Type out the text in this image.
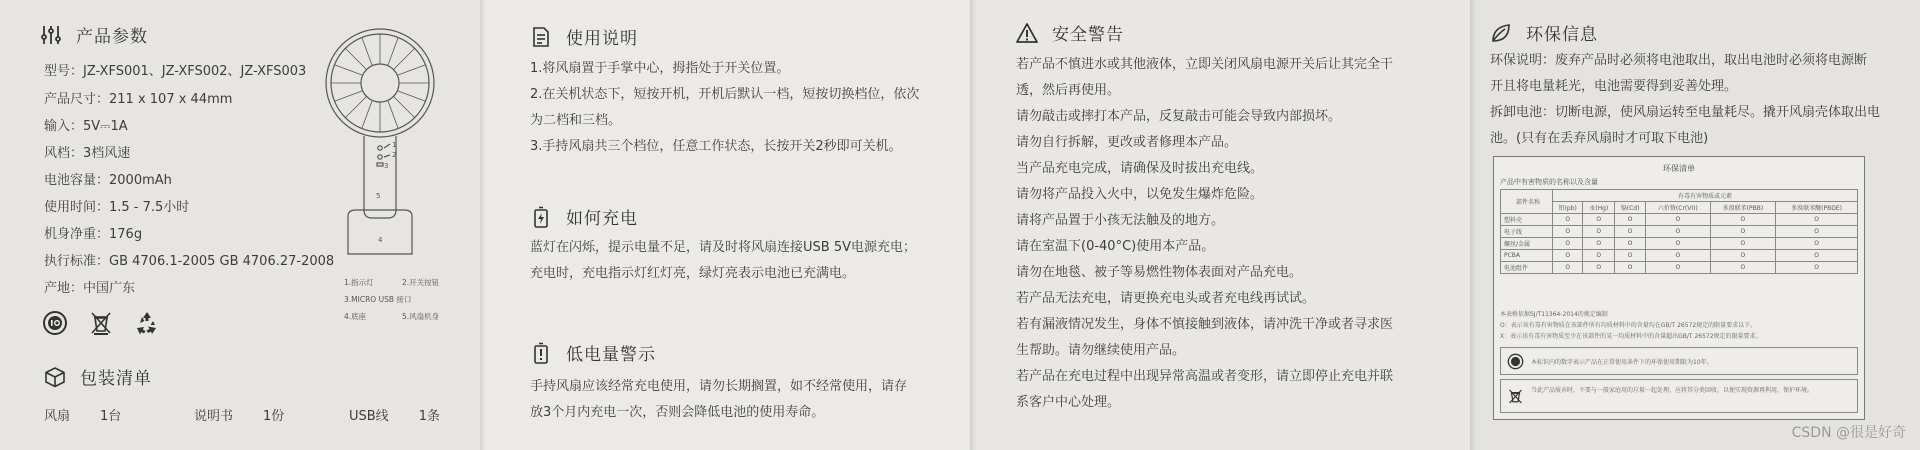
产品参数
型号：JZ-XFS001、JZ-XFS002、JZ-XFS003
产品尺寸：211 x 107 x 44mm
输入：5V⎓1A
风档：3档风速
电池容量：2000mAh
使用时间：1.5 - 7.5小时
机身净重：176g
执行标准：GB 4706.1-2005 GB 4706.27-2008
产地：中国广东
1
2
3
4
5
1.指示灯	2.开关按钮
3.MICRO USB 接口
4.底座	5.风扇机身
包装清单
风扇 1台	说明书 1份	USB线 1条
使用说明

1.将风扇置于手掌中心，拇指处于开关位置。

2.在关机状态下，短按开机，开机后默认一档，短按切换档位，依次

为二档和三档。

3.手持风扇共三个档位，任意工作状态，长按开关2秒即可关机。

如何充电

蓝灯在闪烁，提示电量不足，请及时将风扇连接USB 5V电源充电；

充电时，充电指示灯红灯亮，绿灯亮表示电池已充满电。

低电量警示

手持风扇应该经常充电使用，请勿长期搁置，如不经常使用，请存

放3个月内充电一次，否则会降低电池的使用寿命。

安全警告

若产品不慎进水或其他液体，立即关闭风扇电源开关后让其完全干

透，然后再使用。

请勿敲击或摔打本产品，反复敲击可能会导致内部损坏。

请勿自行拆解，更改或者修理本产品。

当产品充电完成，请确保及时拔出充电线。

请勿将产品投入火中，以免发生爆炸危险。

请将产品置于小孩无法触及的地方。

请在室温下(0-40°C)使用本产品。

请勿在地毯、被子等易燃性物体表面对产品充电。

若产品无法充电，请更换充电头或者充电线再试试。

若有漏液情况发生，身体不慎接触到液体，请冲洗干净或者寻求医

生帮助。请勿继续使用产品。

若产品在充电过程中出现异常高温或者变形，请立即停止充电并联

系客户中心处理。

环保信息

环保说明：废弃产品时必须将电池取出，取出电池时必须将电源断

开且将电量耗光，电池需要得到妥善处理。

拆卸电池：切断电源，使风扇运转至电量耗尽。撬开风扇壳体取出电

池。(只有在丢弃风扇时才可取下电池)

环保清单
产品中有害物质的名称以及含量
部件名称	有毒有害物质或元素					
	铅(pb)	汞(Hg)	镉(Cd)	六价铬(Cr(VI))	多溴联苯(PBB)	多溴联苯醚(PBDE)
塑料壳	O	O	O	O	O	O
电子线	O	O	O	O	O	O
螺丝/金属	O	O	O	O	O	O
PCBA	O	O	O	O	O	O
电池组件	O	O	O	O	O	O
本表格依据SJ/T11364-2014的规定编制
O：表示该有毒有害物质在该部件所有均质材料中的含量均在GB/T 26572规定的限量要求以下。
X：表示该有毒有害物质至少在该部件的某一均质材料中的含量超出GB/T 26572规定的限量要求。
本标识内的数字表示产品在正常使用条件下的环保使用期限为10年。
当此产品废弃时，不要与一般家庭用的垃圾一起处理，应将其分类回收，以便实现资源再利用，保护环境。
CSDN @很是好奇
